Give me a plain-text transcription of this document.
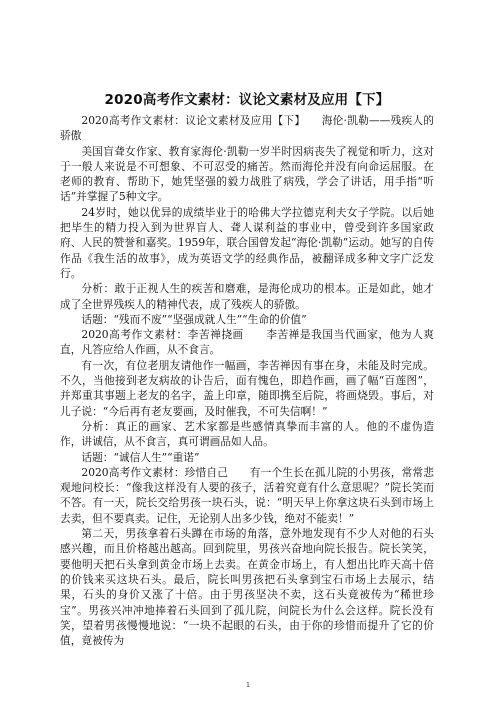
2020高考作文素材：议论文素材及应用【下】

2020高考作文素材：议论文素材及应用【下】　　海伦·凯勒——残疾人的骄傲

美国盲聋女作家、教育家海伦·凯勒一岁半时因病丧失了视觉和听力，这对于一般人来说是不可想象、不可忍受的痛苦。然而海伦并没有向命运屈服。在老师的教育、帮助下，她凭坚强的毅力战胜了病残，学会了讲话，用手指“听话”并掌握了5种文字。

24岁时，她以优异的成绩毕业于的哈佛大学拉德克利夫女子学院。以后她把毕生的精力投入到为世界盲人、聋人谋利益的事业中，曾受到许多国家政府、人民的赞誉和嘉奖。1959年，联合国曾发起“海伦·凯勒”运动。她写的自传作品《我生活的故事》，成为英语文学的经典作品，被翻译成多种文字广泛发行。

分析：敢于正视人生的疾苦和磨难，是海伦成功的根本。正是如此，她才成了全世界残疾人的精神代表，成了残疾人的骄傲。

话题：“残而不废”“坚强成就人生”“生命的价值”

2020高考作文素材：李苦禅挠画　　李苦禅是我国当代画家，他为人爽直，凡答应给人作画，从不食言。

有一次，有位老朋友请他作一幅画，李苦禅因有事在身，未能及时完成。不久，当他接到老友病故的讣告后，面有愧色，即趋作画，画了幅“百莲图”，并郑重其事题上老友的名字，盖上印章，随即携至后院，将画烧毁。事后，对儿子说：“今后再有老友要画，及时催我，不可失信啊！”

分析：真正的画家、艺术家都是些感情真挚而丰富的人。他的不虚伪造作，讲诚信，从不食言，真可谓画品如人品。

话题：“诚信人生”“重诺”

2020高考作文素材：珍惜自己　　有一个生长在孤儿院的小男孩，常常悲观地问校长：“像我这样没有人要的孩子，活着究竟有什么意思呢？”院长笑而不答。有一天，院长交给男孩一块石头，说：“明天早上你拿这块石头到市场上去卖，但不要真卖。记住，无论别人出多少钱，绝对不能卖！”

第二天，男孩拿着石头蹲在市场的角落，意外地发现有不少人对他的石头感兴趣，而且价格越出越高。回到院里，男孩兴奋地向院长报告。院长笑笑，要他明天把石头拿到黄金市场上去卖。在黄金市场上，有人想出比昨天高十倍的价钱来买这块石头。最后，院长叫男孩把石头拿到宝石市场上去展示，结果，石头的身价又涨了十倍。由于男孩坚决不卖，这石头竟被传为“稀世珍宝”。男孩兴冲冲地捧着石头回到了孤儿院，问院长为什么会这样。院长没有笑，望着男孩慢慢地说：“一块不起眼的石头，由于你的珍惜而提升了它的价值，竟被传为

1
